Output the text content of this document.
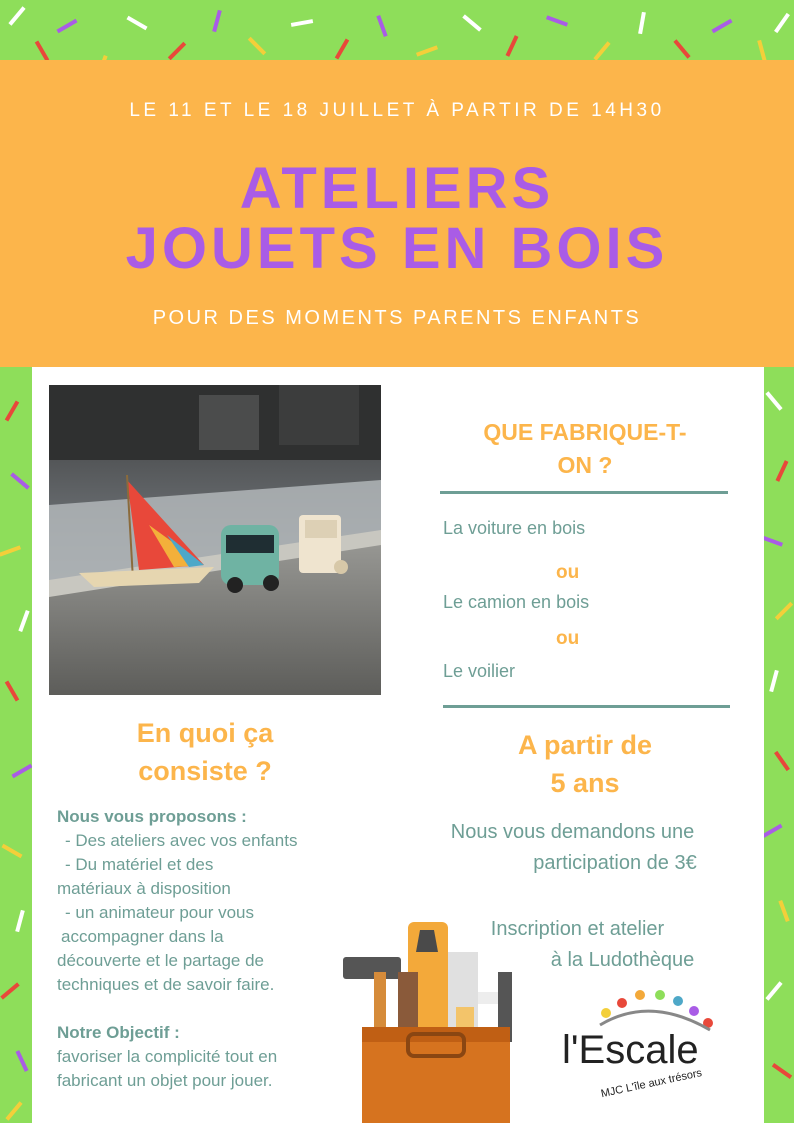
LE 11 ET LE 18 JUILLET À PARTIR DE 14H30
ATELIERS
JOUETS EN BOIS
POUR DES MOMENTS PARENTS ENFANTS
QUE FABRIQUE-T-
ON ?
La voiture en bois
ou
Le camion en bois
ou
Le voilier
A partir de
5 ans
Nous vous demandons une
participation de 3€
Inscription et atelier
à la Ludothèque
En quoi ça
consiste ?
Nous vous proposons :
- Des ateliers avec vos enfants
- Du matériel et des
matériaux à disposition
- un animateur pour vous
accompagner dans la
découverte et le partage de
techniques et de savoir faire.
Notre Objectif :
favoriser la complicité tout en
fabricant un objet pour jouer.
l'Escale
MJC L'île aux trésors
